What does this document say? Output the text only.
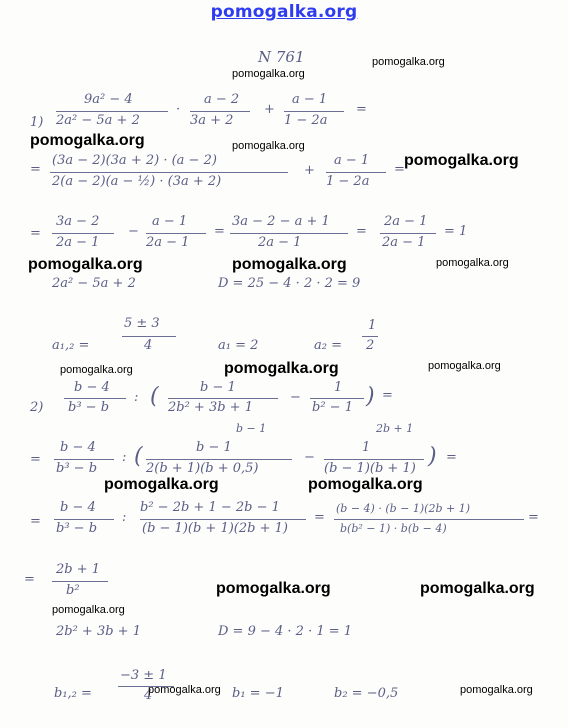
pomogalka.org
N 761
1)
9a² − 4
2a² − 5a + 2
·
a − 2
3a + 2
+
a − 1
1 − 2a
=
=
(3a − 2)(3a + 2) · (a − 2)
2(a − 2)(a − ½) · (3a + 2)
+
a − 1
1 − 2a
=
=
3a − 2
2a − 1
−
a − 1
2a − 1
=
3a − 2 − a + 1
2a − 1
=
2a − 1
2a − 1
= 1
2a² − 5a + 2	D = 25 − 4 · 2 · 2 = 9
a₁,₂ =
5 ± 3
4	a₁ = 2	a₂ =
1
2
2)
b − 4
b³ − b
: (	b − 1
2b² + 3b + 1
−
1
b² − 1 ) =
=
b − 4
b³ − b
: (
b − 1
b − 1
2(b + 1)(b + 0,5)
−
2b + 1
1
(b − 1)(b + 1) ) =
=
b − 4
b³ − b
:
b² − 2b + 1 − 2b − 1
(b − 1)(b + 1)(2b + 1)
=
(b − 4) · (b − 1)(2b + 1)
b(b² − 1) · b(b − 4)
=
=
2b + 1
b²
2b² + 3b + 1	D = 9 − 4 · 2 · 1 = 1
b₁,₂ =
−3 ± 1
4	b₁ = −1	b₂ = −0,5
pomogalka.org
pomogalka.org
pomogalka.org	pomogalka.org
pomogalka.org
pomogalka.org	pomogalka.org	pomogalka.org
pomogalka.org	pomogalka.org	pomogalka.org
pomogalka.org	pomogalka.org
pomogalka.org	pomogalka.org
pomogalka.org
pomogalka.org	pomogalka.org
